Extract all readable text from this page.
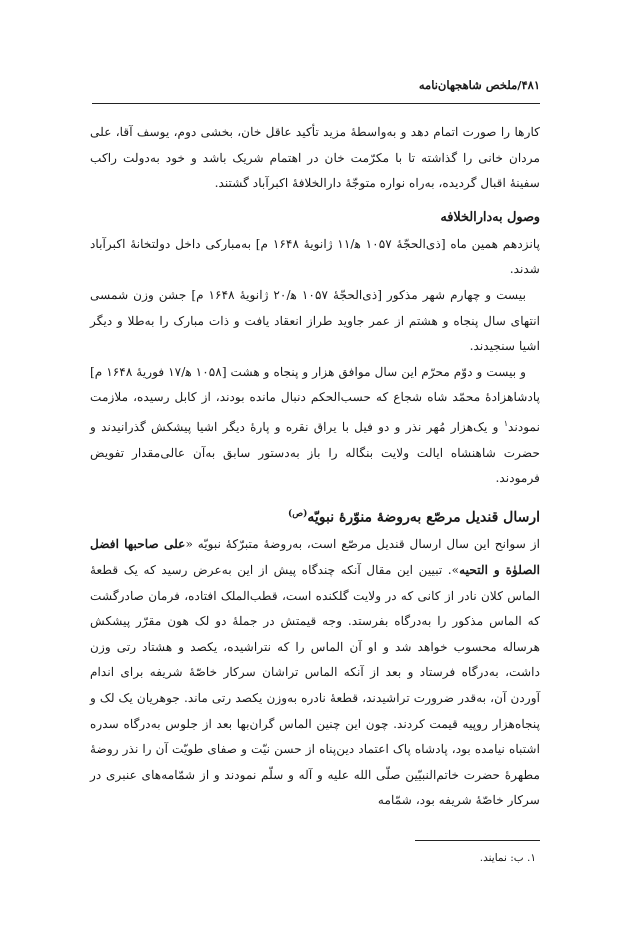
۴۸۱/ملخص شاهجهان‌نامه

کارها را صورت اتمام دهد و به‌واسطهٔ مزید تأکید عاقل خان، بخشی دوم، یوسف آقا، علی مردان خانی را گذاشته تا با مکرّمت خان در اهتمام شریک باشد و خود به‌دولت راکب سفینهٔ اقبال گردیده، به‌راه نواره متوجّهٔ دارالخلافهٔ اکبرآباد گشتند.

وصول به‌دارالخلافه

پانزدهم همین ماه [ذی‌الحجّهٔ ۱۰۵۷ ه‍/۱۱ ژانویهٔ ۱۶۴۸ م] به‌مبارکی داخل دولتخانهٔ اکبرآباد شدند.

بیست و چهارم شهر مذکور [ذی‌الحجّهٔ ۱۰۵۷ ه‍/۲۰ ژانویهٔ ۱۶۴۸ م] جشن وزن شمسی انتهای سال پنجاه و هشتم از عمر جاوید طراز انعقاد یافت و ذات مبارک را به‌طلا و دیگر اشیا سنجیدند.

و بیست و دوّم محرّم این سال موافق هزار و پنجاه و هشت [۱۰۵۸ ه‍/۱۷ فوریهٔ ۱۶۴۸ م] پادشاهزادهٔ محمّد شاه شجاع که حسب‌الحکم دنبال مانده بودند، از کابل رسیده، ملازمت نمودند$^۱$ و یک‌هزار مُهر نذر و دو فیل با یراق نقره و پارهٔ دیگر اشیا پیشکش گذرانیدند و حضرت شاهنشاه ایالت ولایت بنگاله را باز به‌دستور سابق به‌آن عالی‌مقدار تفویض فرمودند.

ارسال قندیل مرصّع به‌روضهٔ منوّرهٔ نبویّه$^{(ص)}$

از سوانح این سال ارسال قندیل مرصّع است، به‌روضهٔ متبرّکهٔ نبویّه «علی صاحبها افضل الصلوٰة و التحیه». تبیین این مقال آنکه چندگاه پیش از این به‌عرض رسید که یک قطعهٔ الماس کلان نادر از کانی که در ولایت گلکنده است، قطب‌الملک افتاده، فرمان صادرگشت که الماس مذکور را به‌درگاه بفرستد. وجه قیمتش در جملهٔ دو لک هون مقرّر پیشکش هرساله محسوب خواهد شد و او آن الماس را که نتراشیده، یکصد و هشتاد رتی وزن داشت، به‌درگاه فرستاد و بعد از آنکه الماس تراشان سرکار خاصّهٔ شریفه برای اندام آوردن آن، به‌قدر ضرورت تراشیدند، قطعهٔ نادره به‌وزن یکصد رتی ماند. جوهریان یک لک و پنجاه‌هزار روپیه قیمت کردند. چون این چنین الماس گران‌بها بعد از جلوس به‌درگاه سدره اشتباه نیامده بود، پادشاه پاک اعتماد دین‌پناه از حسن نیّت و صفای طویّت آن را نذر روضهٔ مطهرهٔ حضرت خاتم‌النبیّین صلّی الله علیه و آله و سلّم نمودند و از شمّامه‌های عنبری در سرکار خاصّهٔ شریفه بود، شمّامه

۱. ب: نمایند.
